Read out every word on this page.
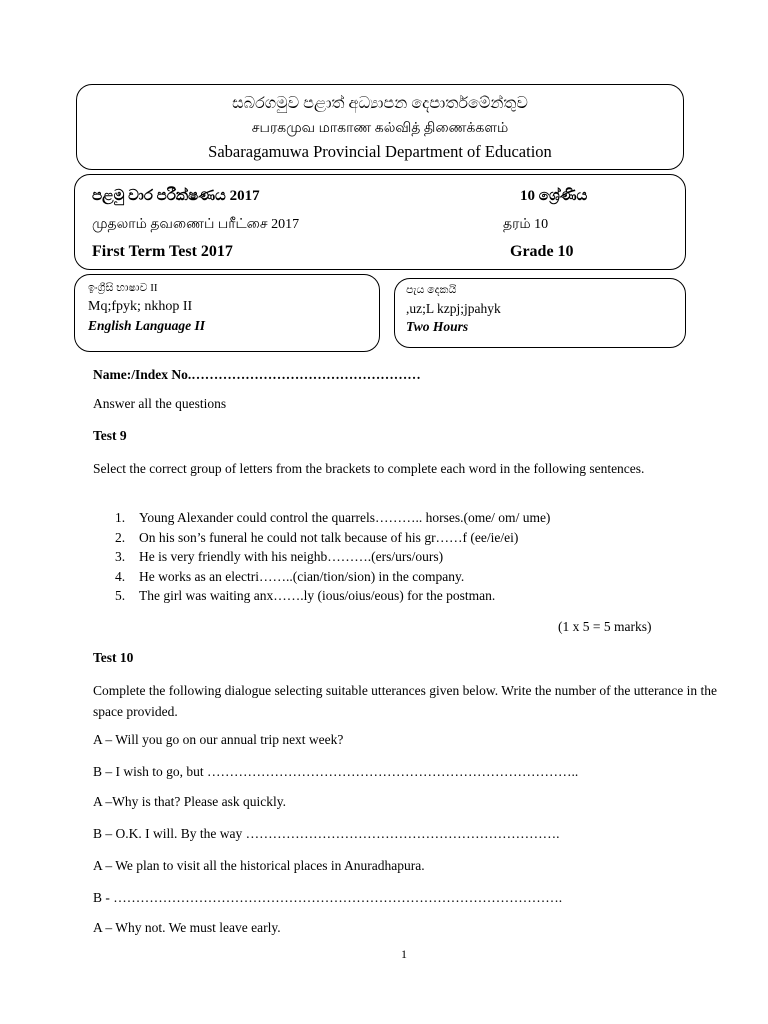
සබරගමුව පළාත් අධ්‍යාපන දෙපාර්තමේන්තුව
சபரகமுவ மாகாண கல்வித் திணைக்களம்
Sabaragamuwa Provincial Department of Education
පළමු වාර පරීක්ෂණය 2017	10 ශ්‍රේණිය
முதலாம் தவணைப் பரீட்சை 2017	தரம் 10
First Term Test 2017	Grade 10
ඉංග්‍රීසි භාෂාව II
Mq;fpyk; nkhop II
English Language II
පැය දෙකයි
,uz;L kzpj;jpahyk
Two Hours
Name:/Index No.……………………………………………
Answer all the questions
Test 9
Select the correct group of letters from the brackets to complete each word in the following sentences.
1. Young Alexander could control the quarrels……….. horses.(ome/ om/ ume)
2. On his son’s funeral he could not talk because of his gr……f (ee/ie/ei)
3. He is very friendly with his neighb……….(ers/urs/ours)
4. He works as an electri……..(cian/tion/sion) in the company.
5. The girl was waiting anx…….ly (ious/oius/eous) for the postman.
(1 x 5 = 5 marks)
Test 10
Complete the following dialogue selecting suitable utterances given below. Write the number of the utterance in the space provided.
A – Will you go on our annual trip next week?
B – I wish to go, but ………………………………………………………………………..
A –Why is that? Please ask quickly.
B – O.K. I will. By the way …………………………………………………………….
A – We plan to visit all the historical places in Anuradhapura.
B - ……………………………………………………………………………………….
A – Why not. We must leave early.
1
